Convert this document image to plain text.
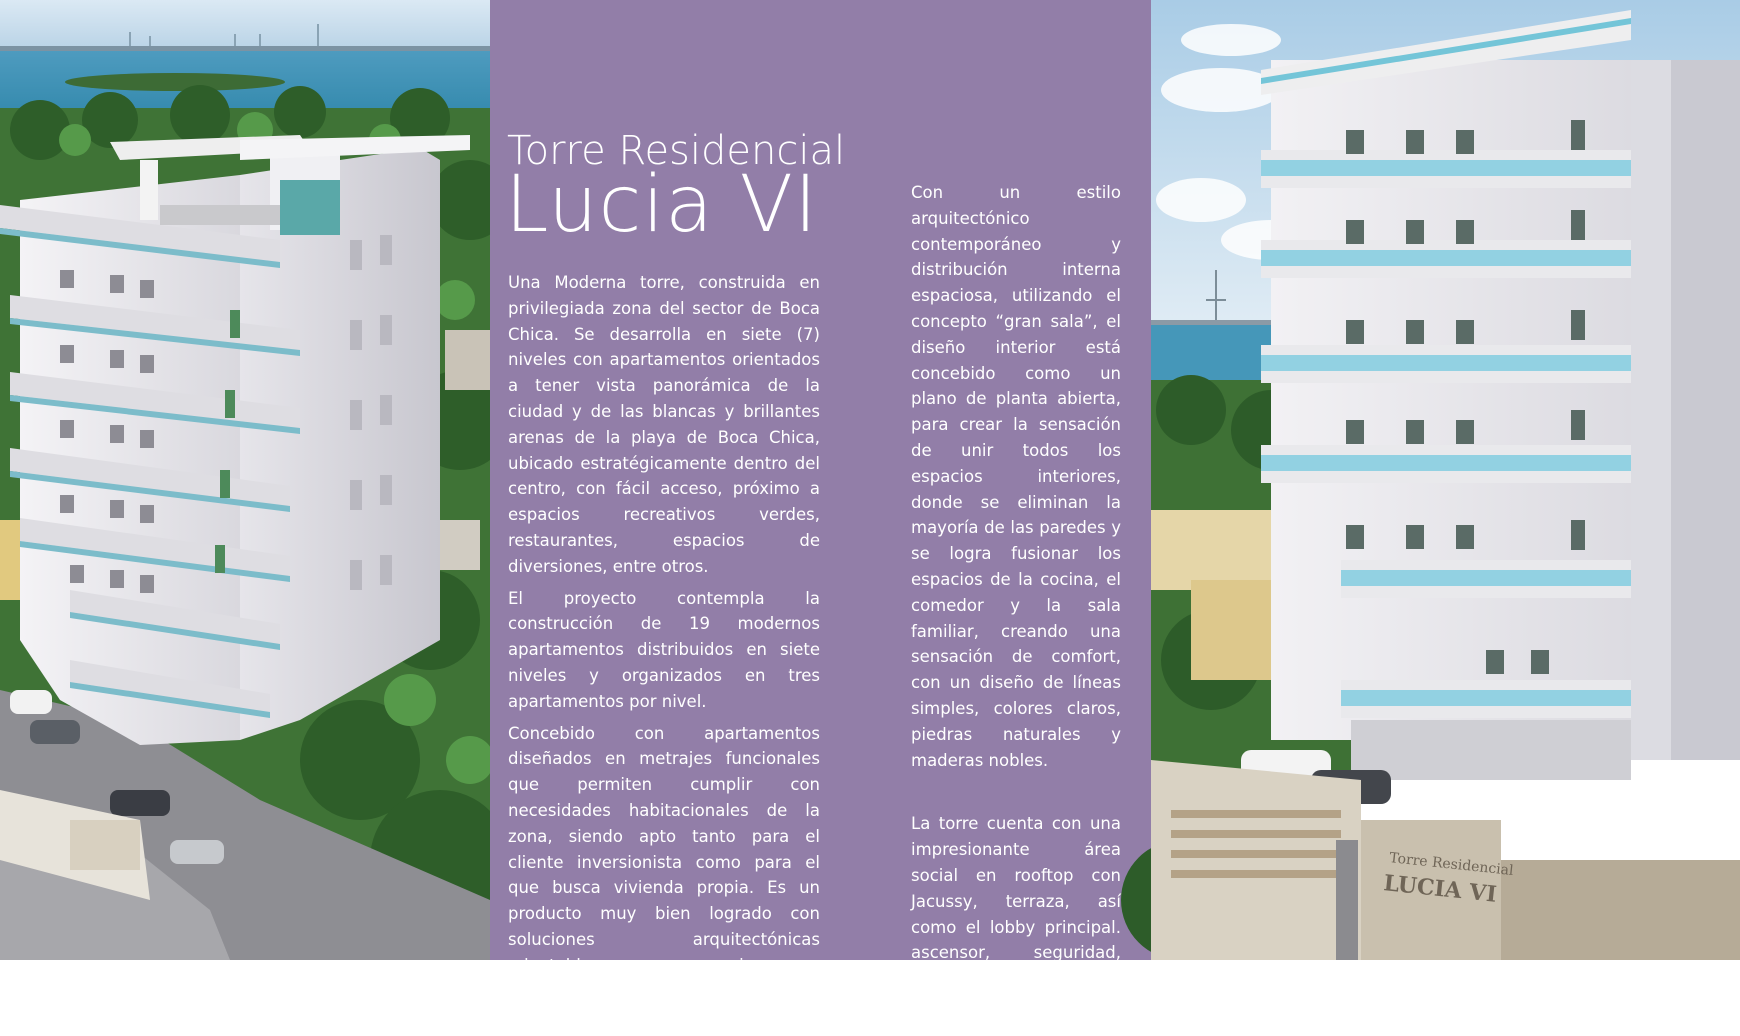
Torre Residencial
Lucia VI

Una Moderna torre, construida en privilegiada zona del sector de Boca Chica. Se desarrolla en siete (7) niveles con apartamentos orientados a tener vista panorámica de la ciudad y de las blancas y brillantes arenas de la playa de Boca Chica, ubicado estratégicamente dentro del centro, con fácil acceso, próximo a espacios recreativos verdes, restaurantes, espacios de diversiones, entre otros.

El proyecto contempla la construcción de 19 modernos apartamentos distribuidos en siete niveles y organizados en tres apartamentos por nivel.

Concebido con apartamentos diseñados en metrajes funcionales que permiten cumplir con necesidades habitacionales de la zona, siendo apto tanto para el cliente inversionista como para el que busca vivienda propia. Es un producto muy bien logrado con soluciones arquitectónicas adaptables y con precios muy atractivos para el mercado de la zona.

Con un estilo arquitectónico contemporáneo y distribución interna espaciosa, utilizando el concepto “gran sala”, el diseño interior está concebido como un plano de planta abierta, para crear la sensación de unir todos los espacios interiores, donde se eliminan la mayoría de las paredes y se logra fusionar los espacios de la cocina, el comedor y la sala familiar, creando una sensación de comfort, con un diseño de líneas simples, colores claros, piedras naturales y maderas nobles.

La torre cuenta con una impresionante área social en rooftop con Jacussy, terraza, así como el lobby principal. ascensor, seguridad, portones eléctricos, conserjería.

Torre Residencial
LUCIA VI
